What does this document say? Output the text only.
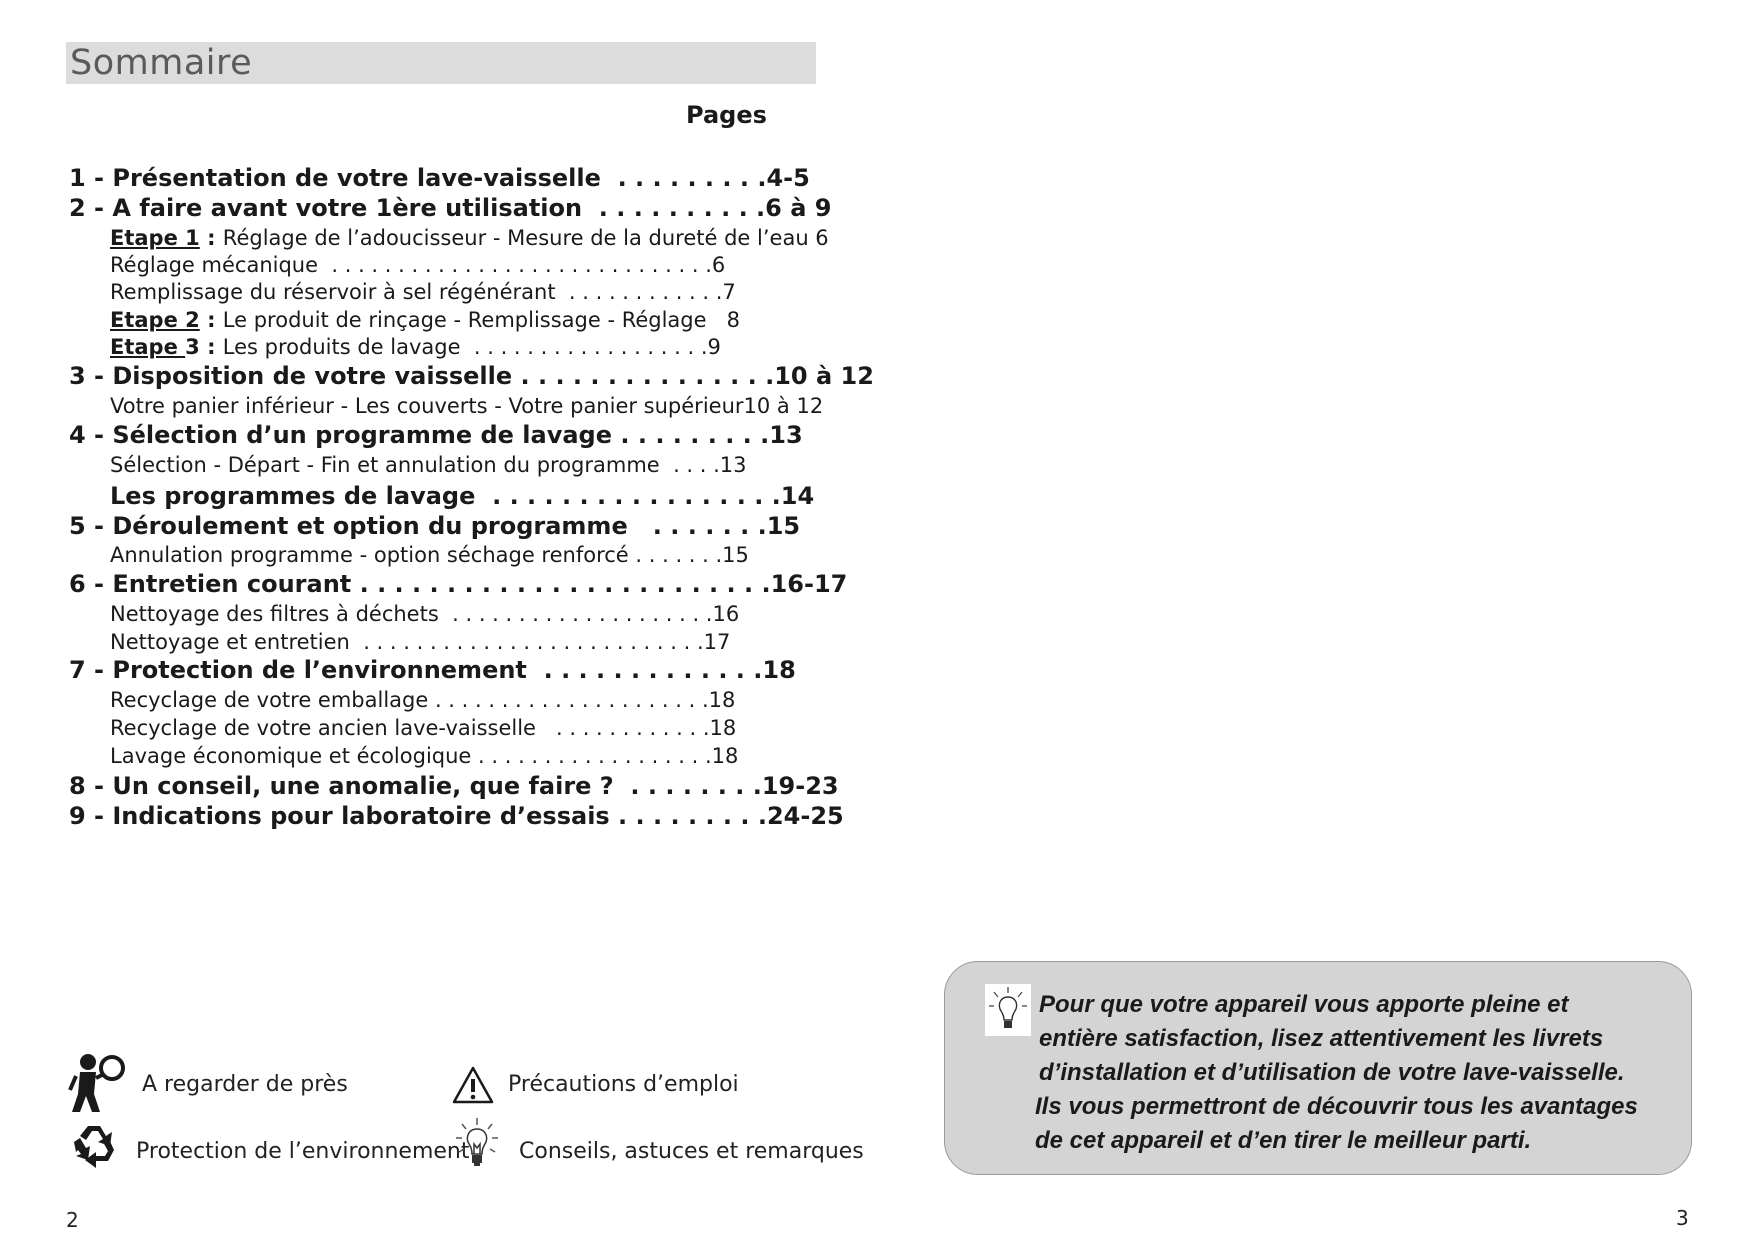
Sommaire
Pages
1 - Présentation de votre lave-vaisselle  . . . . . . . . .4-5
2 - A faire avant votre 1ère utilisation  . . . . . . . . . .6 à 9
Etape 1 : Réglage de l’adoucisseur - Mesure de la dureté de l’eau 6
Réglage mécanique  . . . . . . . . . . . . . . . . . . . . . . . . . . . . .6
Remplissage du réservoir à sel régénérant  . . . . . . . . . . . .7
Etape 2 : Le produit de rinçage - Remplissage - Réglage   8
Etape 3 : Les produits de lavage  . . . . . . . . . . . . . . . . . .9
3 - Disposition de votre vaisselle . . . . . . . . . . . . . . .10 à 12
Votre panier inférieur - Les couverts - Votre panier supérieur10 à 12
4 - Sélection d’un programme de lavage . . . . . . . . .13
Sélection - Départ - Fin et annulation du programme  . . . .13
Les programmes de lavage  . . . . . . . . . . . . . . . . .14
5 - Déroulement et option du programme   . . . . . . .15
Annulation programme - option séchage renforcé . . . . . . .15
6 - Entretien courant . . . . . . . . . . . . . . . . . . . . . . . .16-17
Nettoyage des filtres à déchets  . . . . . . . . . . . . . . . . . . . .16
Nettoyage et entretien  . . . . . . . . . . . . . . . . . . . . . . . . . .17
7 - Protection de l’environnement  . . . . . . . . . . . . .18
Recyclage de votre emballage . . . . . . . . . . . . . . . . . . . . .18
Recyclage de votre ancien lave-vaisselle   . . . . . . . . . . . .18
Lavage économique et écologique . . . . . . . . . . . . . . . . . .18
8 - Un conseil, une anomalie, que faire ?  . . . . . . . .19-23
9 - Indications pour laboratoire d’essais . . . . . . . . .24-25
A regarder de près	Précautions d’emploi
Protection de l’environnement Conseils, astuces et remarques
2	3
Pour que votre appareil vous apporte pleine et
entière satisfaction, lisez attentivement les livrets
d’installation et d’utilisation de votre lave-vaisselle.
Ils vous permettront de découvrir tous les avantages
de cet appareil et d’en tirer le meilleur parti.
